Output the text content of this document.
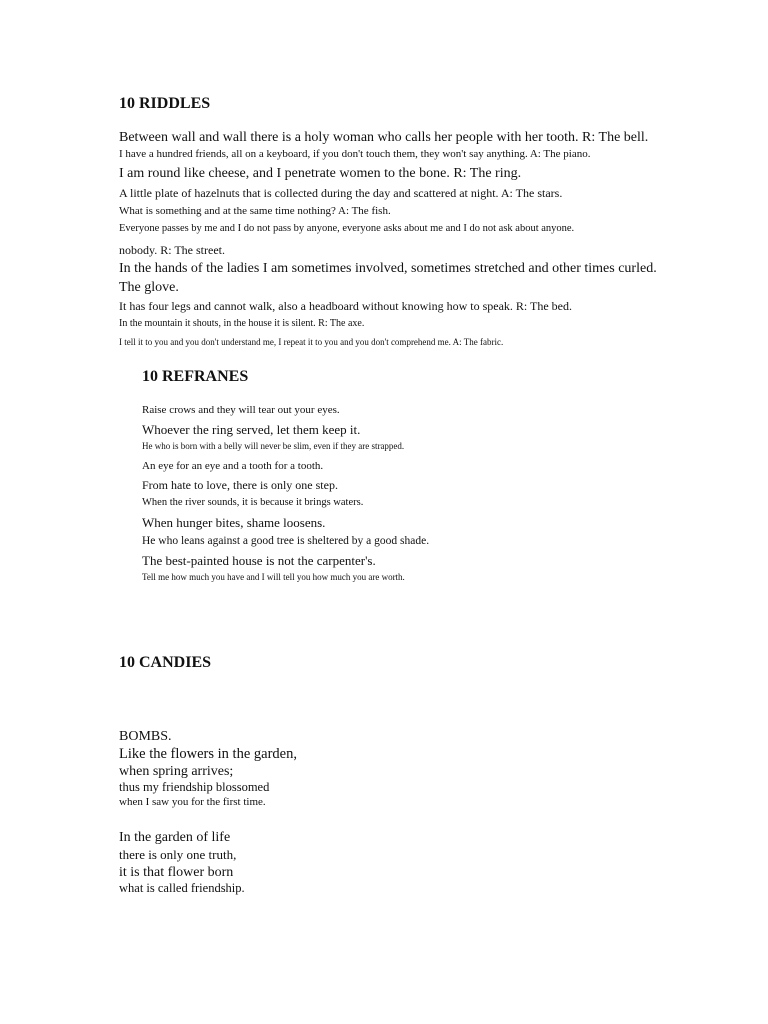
10 RIDDLES
Between wall and wall there is a holy woman who calls her people with her tooth. R: The bell.
I have a hundred friends, all on a keyboard, if you don't touch them, they won't say anything. A: The piano.
I am round like cheese, and I penetrate women to the bone. R: The ring.
A little plate of hazelnuts that is collected during the day and scattered at night. A: The stars.
What is something and at the same time nothing? A: The fish.
Everyone passes by me and I do not pass by anyone, everyone asks about me and I do not ask about anyone.
nobody. R: The street.
In the hands of the ladies I am sometimes involved, sometimes stretched and other times curled.
The glove.
It has four legs and cannot walk, also a headboard without knowing how to speak. R: The bed.
In the mountain it shouts, in the house it is silent. R: The axe.
I tell it to you and you don't understand me, I repeat it to you and you don't comprehend me. A: The fabric.
10 REFRANES
Raise crows and they will tear out your eyes.
Whoever the ring served, let them keep it.
He who is born with a belly will never be slim, even if they are strapped.
An eye for an eye and a tooth for a tooth.
From hate to love, there is only one step.
When the river sounds, it is because it brings waters.
When hunger bites, shame loosens.
He who leans against a good tree is sheltered by a good shade.
The best-painted house is not the carpenter's.
Tell me how much you have and I will tell you how much you are worth.
10 CANDIES
BOMBS.
Like the flowers in the garden,
when spring arrives;
thus my friendship blossomed
when I saw you for the first time.
In the garden of life
there is only one truth,
it is that flower born
what is called friendship.
